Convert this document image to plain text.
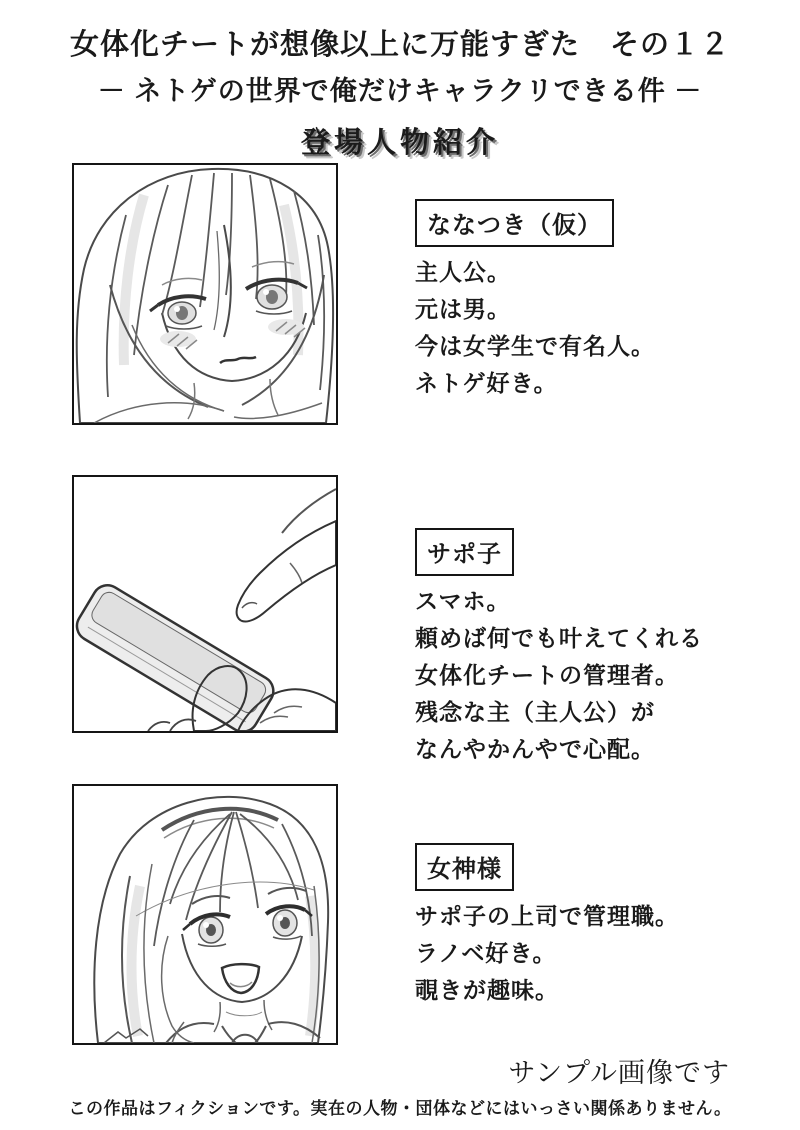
女体化チートが想像以上に万能すぎた　その１２
－ ネトゲの世界で俺だけキャラクリできる件 －
登場人物紹介
ななつき（仮）
主人公。
元は男。
今は女学生で有名人。
ネトゲ好き。
サポ子
スマホ。
頼めば何でも叶えてくれる
女体化チートの管理者。
残念な主（主人公）が
なんやかんやで心配。
女神様
サポ子の上司で管理職。
ラノベ好き。
覗きが趣味。
サンプル画像です
この作品はフィクションです。実在の人物・団体などにはいっさい関係ありません。
